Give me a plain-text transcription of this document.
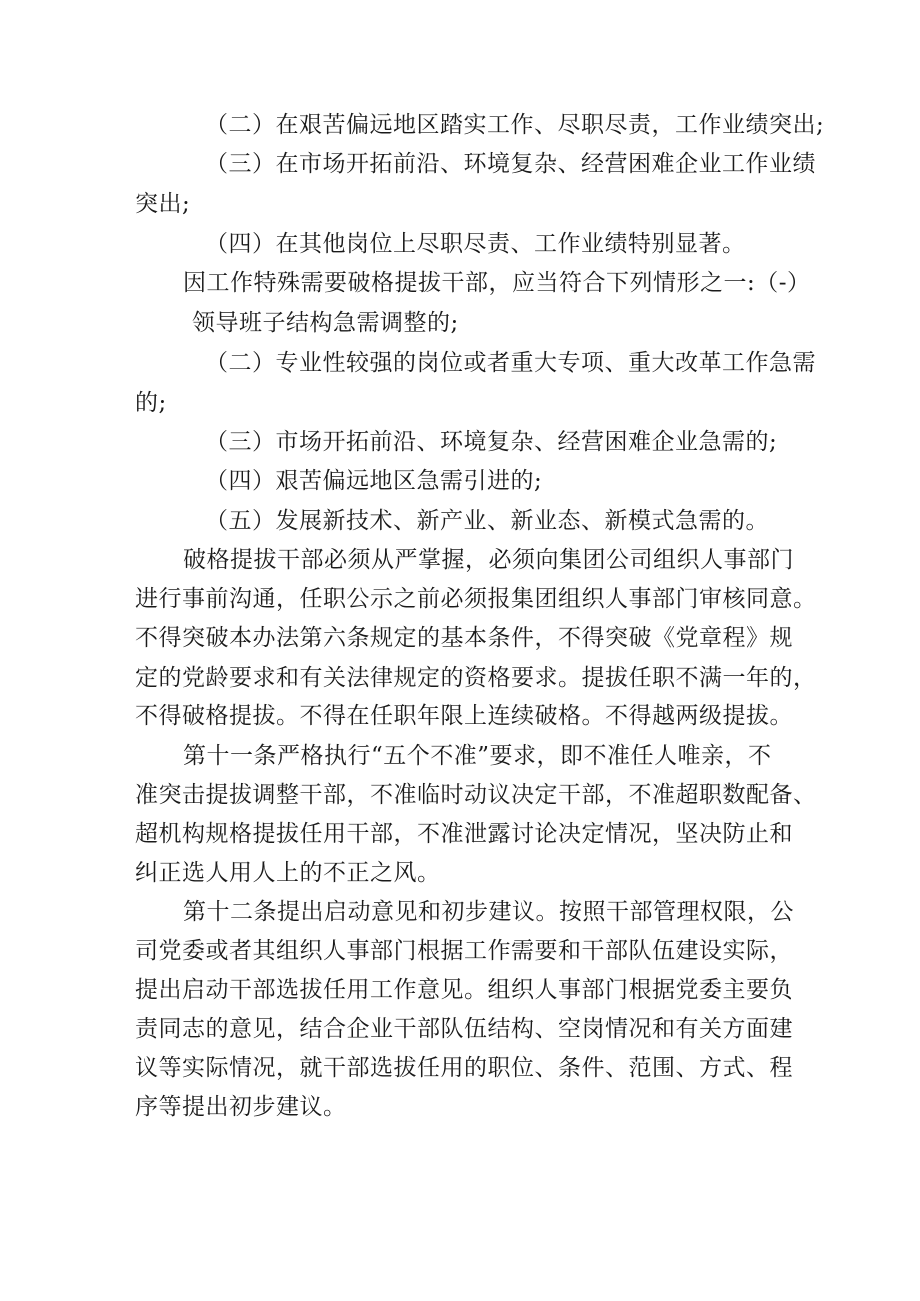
（二）在艰苦偏远地区踏实工作、尽职尽责，工作业绩突出;
（三）在市场开拓前沿、环境复杂、经营困难企业工作业绩
突出;
（四）在其他岗位上尽职尽责、工作业绩特别显著。
因工作特殊需要破格提拔干部，应当符合下列情形之一:（-）
领导班子结构急需调整的;
（二）专业性较强的岗位或者重大专项、重大改革工作急需
的;
（三）市场开拓前沿、环境复杂、经营困难企业急需的;
（四）艰苦偏远地区急需引进的;
（五）发展新技术、新产业、新业态、新模式急需的。
破格提拔干部必须从严掌握，必须向集团公司组织人事部门
进行事前沟通，任职公示之前必须报集团组织人事部门审核同意。
不得突破本办法第六条规定的基本条件，不得突破《党章程》规
定的党龄要求和有关法律规定的资格要求。提拔任职不满一年的，
不得破格提拔。不得在任职年限上连续破格。不得越两级提拔。
第十一条严格执行“五个不准”要求，即不准任人唯亲，不
准突击提拔调整干部，不准临时动议决定干部，不准超职数配备、
超机构规格提拔任用干部，不准泄露讨论决定情况，坚决防止和
纠正选人用人上的不正之风。
第十二条提出启动意见和初步建议。按照干部管理权限，公
司党委或者其组织人事部门根据工作需要和干部队伍建设实际，
提出启动干部选拔任用工作意见。组织人事部门根据党委主要负
责同志的意见，结合企业干部队伍结构、空岗情况和有关方面建
议等实际情况，就干部选拔任用的职位、条件、范围、方式、程
序等提出初步建议。
